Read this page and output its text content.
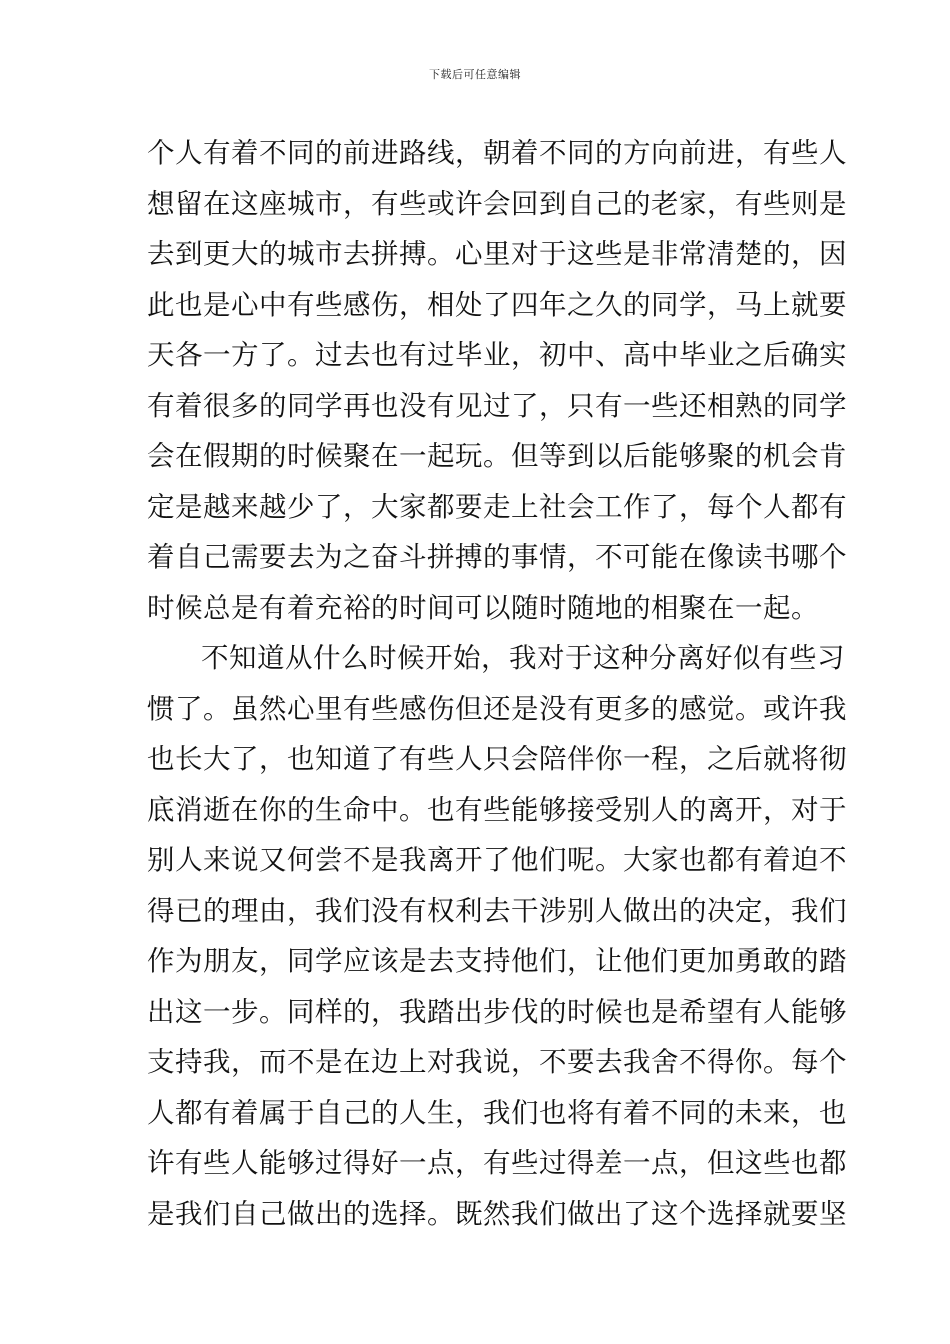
下载后可任意编辑
个人有着不同的前进路线，朝着不同的方向前进，有些人
想留在这座城市，有些或许会回到自己的老家，有些则是
去到更大的城市去拼搏。心里对于这些是非常清楚的，因
此也是心中有些感伤，相处了四年之久的同学，马上就要
天各一方了。过去也有过毕业，初中、高中毕业之后确实
有着很多的同学再也没有见过了，只有一些还相熟的同学
会在假期的时候聚在一起玩。但等到以后能够聚的机会肯
定是越来越少了，大家都要走上社会工作了，每个人都有
着自己需要去为之奋斗拼搏的事情，不可能在像读书哪个
时候总是有着充裕的时间可以随时随地的相聚在一起。
不知道从什么时候开始，我对于这种分离好似有些习
惯了。虽然心里有些感伤但还是没有更多的感觉。或许我
也长大了，也知道了有些人只会陪伴你一程，之后就将彻
底消逝在你的生命中。也有些能够接受别人的离开，对于
别人来说又何尝不是我离开了他们呢。大家也都有着迫不
得已的理由，我们没有权利去干涉别人做出的决定，我们
作为朋友，同学应该是去支持他们，让他们更加勇敢的踏
出这一步。同样的，我踏出步伐的时候也是希望有人能够
支持我，而不是在边上对我说，不要去我舍不得你。每个
人都有着属于自己的人生，我们也将有着不同的未来，也
许有些人能够过得好一点，有些过得差一点，但这些也都
是我们自己做出的选择。既然我们做出了这个选择就要坚
